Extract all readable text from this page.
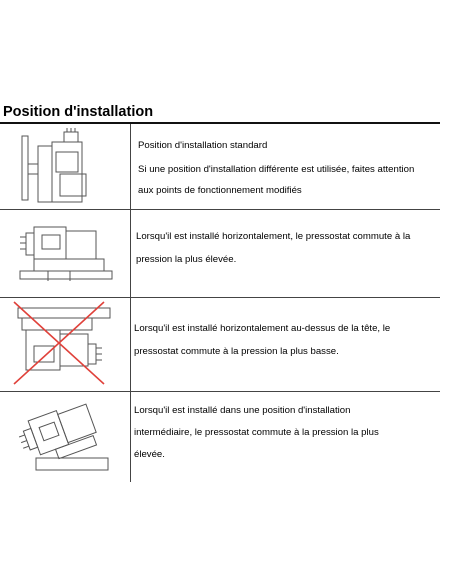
Position d'installation
Position d'installation standard
Si une position d'installation différente est utilisée, faites attention
aux points de fonctionnement modifiés
Lorsqu'il est installé horizontalement, le pressostat commute à la
pression la plus élevée.
Lorsqu'il est installé horizontalement au-dessus de la tête, le
pressostat commute à la pression la plus basse.
Lorsqu'il est installé dans une position d'installation
intermédiaire, le pressostat commute à la pression la plus
élevée.
